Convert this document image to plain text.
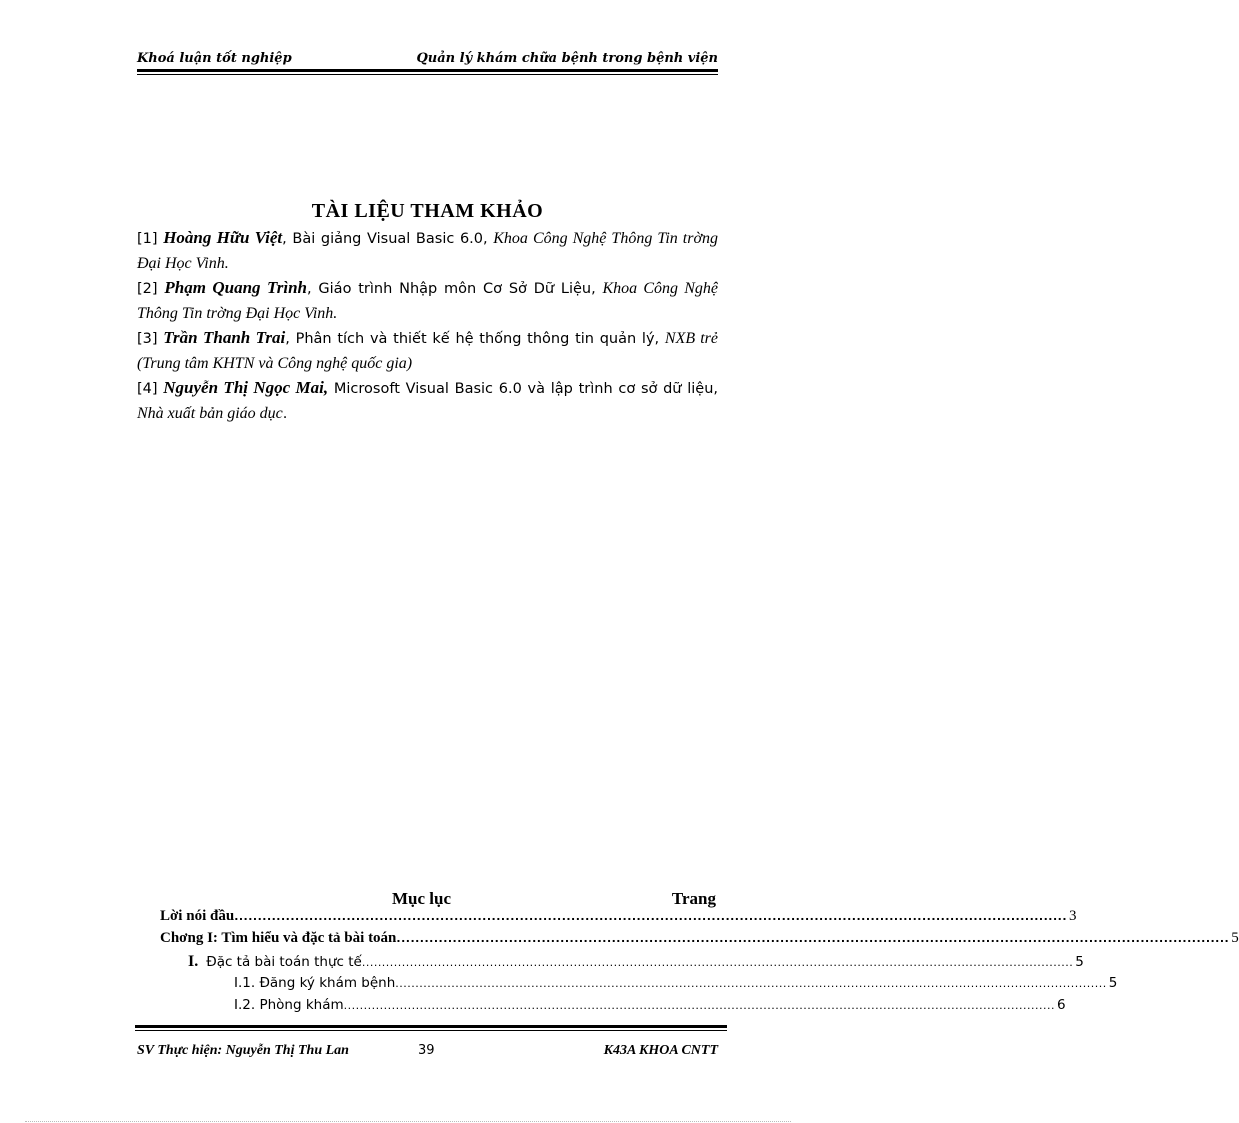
Khoá luận tốt nghiệp	Quản lý khám chữa bệnh trong bệnh viện
TÀI LIỆU THAM KHẢO

[1] Hoàng Hữu Việt, Bài giảng Visual Basic 6.0, Khoa Công Nghệ Thông Tin trờng Đại Học Vinh.

[2] Phạm Quang Trình, Giáo trình Nhập môn Cơ Sở Dữ Liệu, Khoa Công Nghệ Thông Tin trờng Đại Học Vinh.

[3] Trần Thanh Trai, Phân tích và thiết kế hệ thống thông tin quản lý, NXB trẻ (Trung tâm KHTN và Công nghệ quốc gia)

[4] Nguyễn Thị Ngọc Mai, Microsoft Visual Basic 6.0 và lập trình cơ sở dữ liệu, Nhà xuất bản giáo dục.

Mục lục	Trang
Lời nói đầu .................................................................................................................................................................................. 3
Chơng I: Tìm hiểu và đặc tả bài toán .................................................................................................................................................................................. 5
I. Đặc tả bài toán thực tế .................................................................................................................................................................................. 5
I.1. Đăng ký khám bệnh .................................................................................................................................................................................. 5
I.2. Phòng khám .................................................................................................................................................................................. 6
SV Thực hiện: Nguyễn Thị Thu Lan	39	K43A KHOA CNTT
